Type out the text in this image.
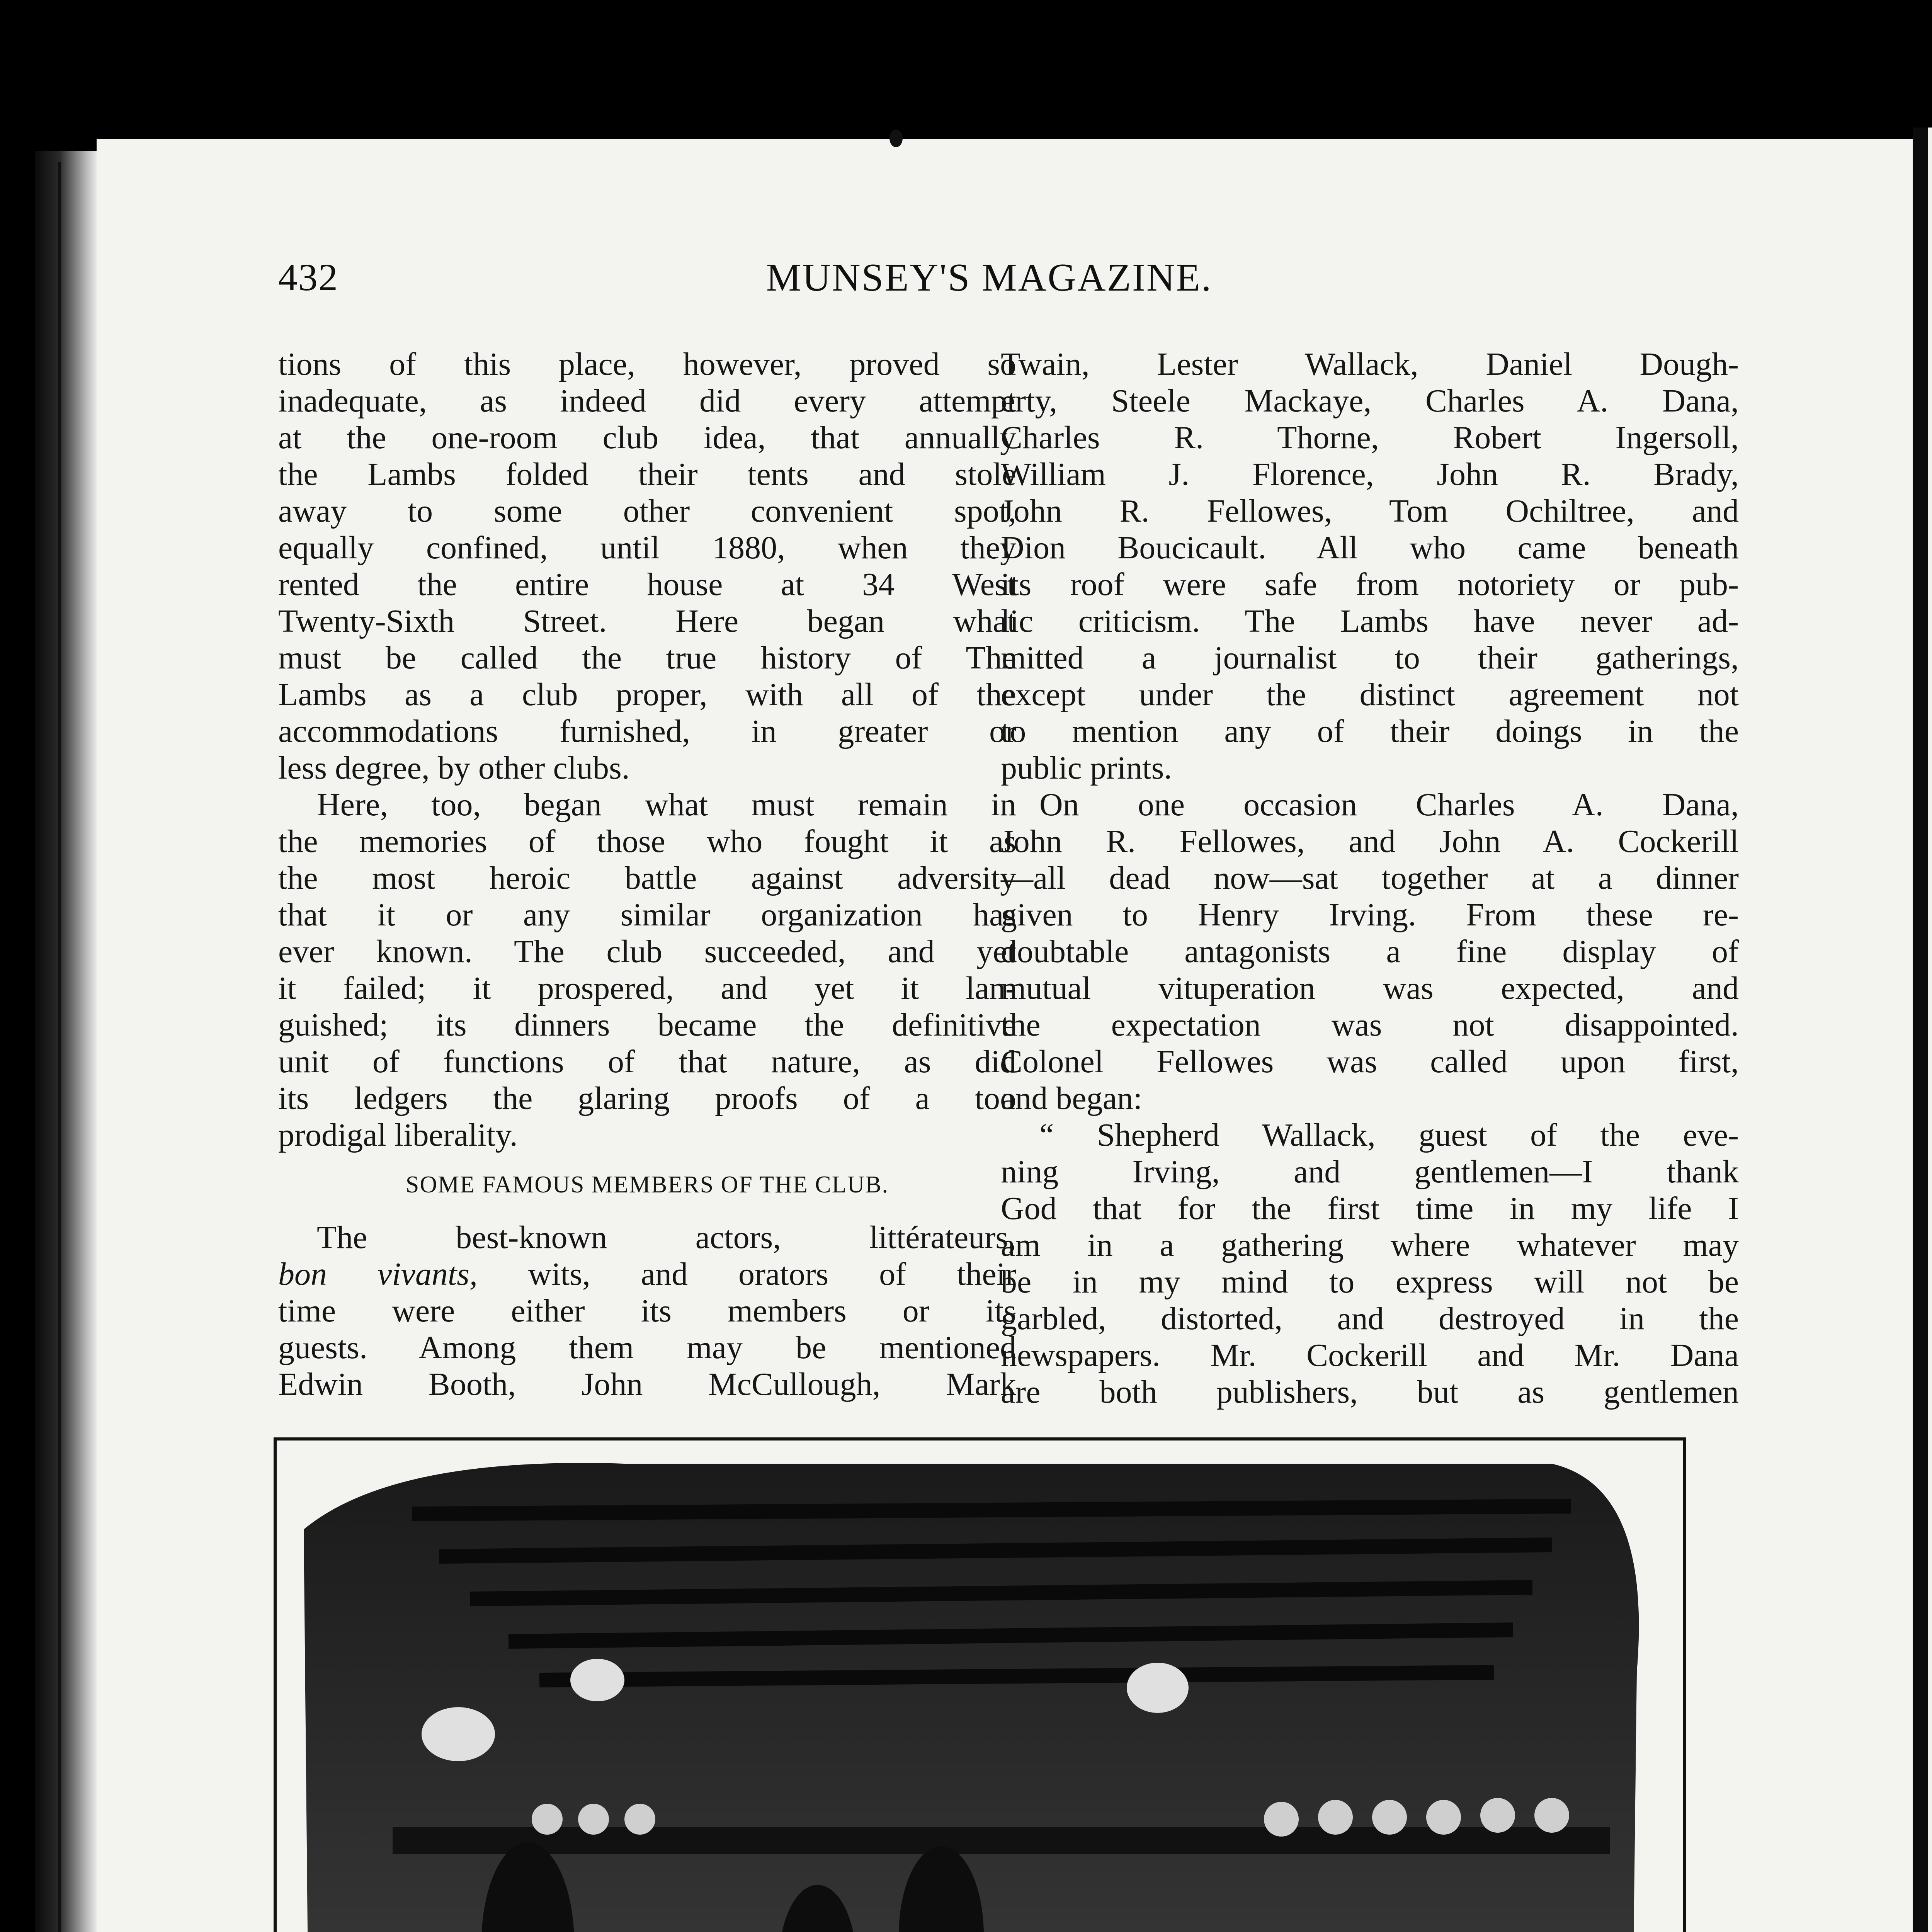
432	MUNSEY'S MAGAZINE.

tions of this place, however, proved so
inadequate, as indeed did every attempt
at the one-room club idea, that annually
the Lambs folded their tents and stole
away to some other convenient spot,
equally confined, until 1880, when they
rented the entire house at 34 West
Twenty-Sixth Street. Here began what
must be called the true history of The
Lambs as a club proper, with all of the
accommodations furnished, in greater or
less degree, by other clubs.

Here, too, began what must remain in
the memories of those who fought it as
the most heroic battle against adversity
that it or any similar organization has
ever known. The club succeeded, and yet
it failed; it prospered, and yet it lan-
guished; its dinners became the definitive
unit of functions of that nature, as did
its ledgers the glaring proofs of a too
prodigal liberality.

SOME FAMOUS MEMBERS OF THE CLUB.

The best-known actors, littérateurs,
bon vivants, wits, and orators of their
time were either its members or its
guests. Among them may be mentioned
Edwin Booth, John McCullough, Mark

Twain, Lester Wallack, Daniel Dough-
erty, Steele Mackaye, Charles A. Dana,
Charles R. Thorne, Robert Ingersoll,
William J. Florence, John R. Brady,
John R. Fellowes, Tom Ochiltree, and
Dion Boucicault. All who came beneath
its roof were safe from notoriety or pub-
lic criticism. The Lambs have never ad-
mitted a journalist to their gatherings,
except under the distinct agreement not
to mention any of their doings in the
public prints.

On one occasion Charles A. Dana,
John R. Fellowes, and John A. Cockerill
—all dead now—sat together at a dinner
given to Henry Irving. From these re-
doubtable antagonists a fine display of
mutual vituperation was expected, and
the expectation was not disappointed.
Colonel Fellowes was called upon first,
and began:

“ Shepherd Wallack, guest of the eve-
ning Irving, and gentlemen—I thank
God that for the first time in my life I
am in a gathering where whatever may
be in my mind to express will not be
garbled, distorted, and destroyed in the
newspapers. Mr. Cockerill and Mr. Dana
are both publishers, but as gentlemen
